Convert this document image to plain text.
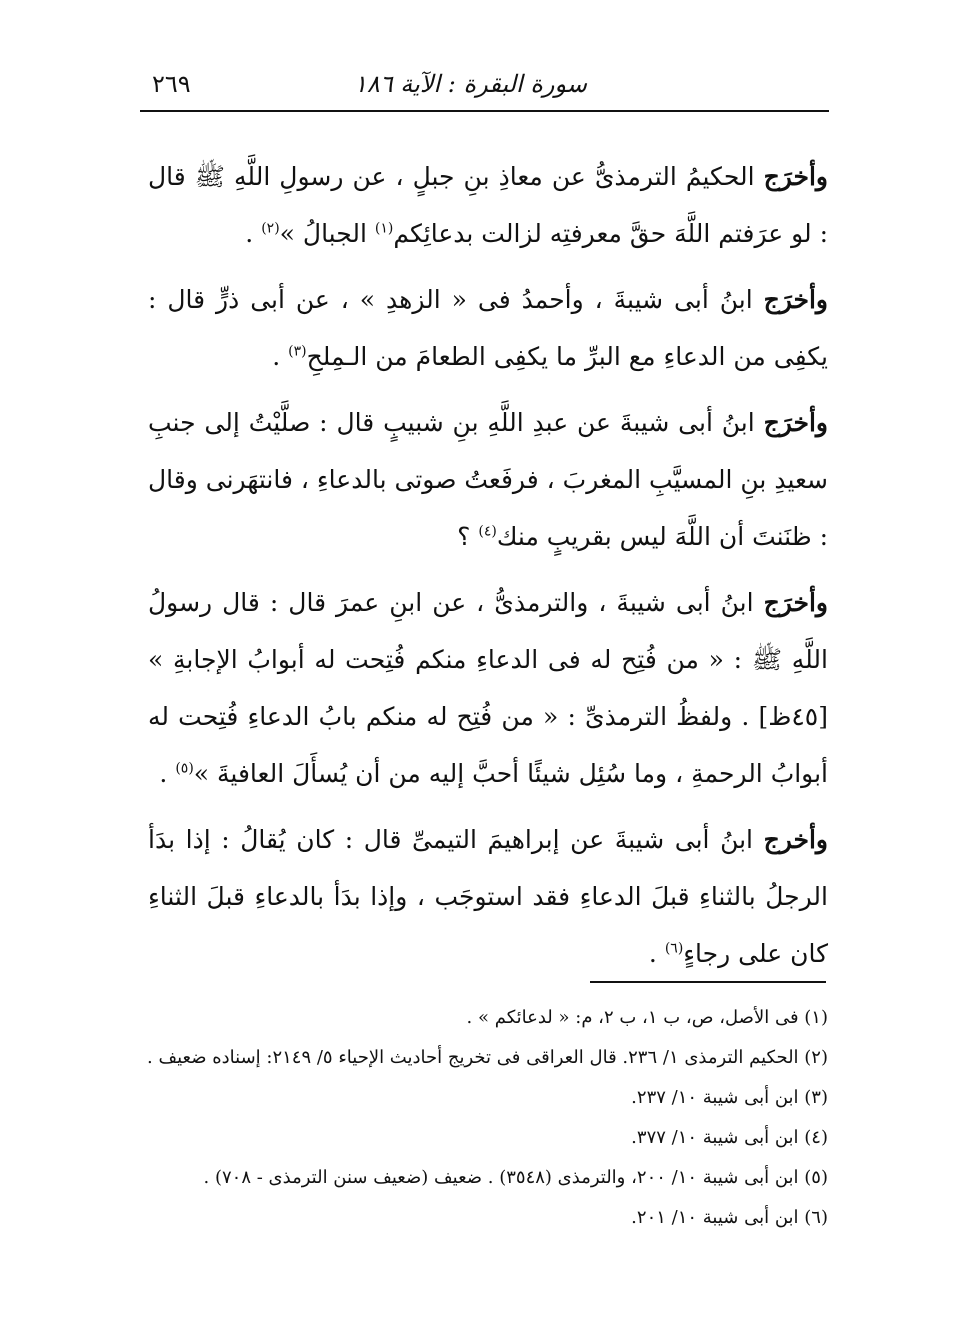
سورة البقرة : الآية ١٨٦
٢٦٩

وأخرَج الحكيمُ الترمذىُّ عن معاذِ بنِ جبلٍ ، عن رسولِ اللَّهِ ﷺ قال : لو عرَفتم اللَّهَ حقَّ معرفتِه لزالت بدعائِكم$^{(١)}$ الجبالُ »$^{(٢)}$ .

وأخرَج ابنُ أبى شيبةَ ، وأحمدُ فى « الزهدِ » ، عن أبى ذرٍّ قال : يكفِى من الدعاءِ مع البرِّ ما يكفِى الطعامَ من الـمِلحِ$^{(٣)}$ .

وأخرَج ابنُ أبى شيبةَ عن عبدِ اللَّهِ بنِ شبيبٍ قال : صلَّيْتُ إلى جنبِ سعيدِ بنِ المسيَّبِ المغربَ ، فرفَعتُ صوتى بالدعاءِ ، فانتهَرنى وقال : ظنَنتَ أن اللَّهَ ليس بقريبٍ منك$^{(٤)}$ ؟

وأخرَج ابنُ أبى شيبةَ ، والترمذىُّ ، عن ابنِ عمرَ قال : قال رسولُ اللَّهِ ﷺ : « من فُتِح له فى الدعاءِ منكم فُتِحت له أبوابُ الإجابةِ » [٤٥ظ] . ولفظُ الترمذىِّ : « من فُتِح له منكم بابُ الدعاءِ فُتِحت له أبوابُ الرحمةِ ، وما سُئِل شيئًا أحبَّ إليه من أن يُسأَلَ العافيةَ »$^{(٥)}$ .

وأخرج ابنُ أبى شيبةَ عن إبراهيمَ التيمىِّ قال : كان يُقالُ : إذا بدَأ الرجلُ بالثناءِ قبلَ الدعاءِ فقد استوجَب ، وإذا بدَأ بالدعاءِ قبلَ الثناءِ كان على رجاءٍ$^{(٦)}$ .

(١) فى الأصل، ص، ب ١، ب ٢، م: « لدعائكم » .

(٢) الحكيم الترمذى ١/ ٢٣٦. قال العراقى فى تخريج أحاديث الإحياء ٥/ ٢١٤٩: إسناده ضعيف .

(٣) ابن أبى شيبة ١٠/ ٢٣٧.

(٤) ابن أبى شيبة ١٠/ ٣٧٧.

(٥) ابن أبى شيبة ١٠/ ٢٠٠، والترمذى (٣٥٤٨) . ضعيف (ضعيف سنن الترمذى - ٧٠٨) .

(٦) ابن أبى شيبة ١٠/ ٢٠١.
